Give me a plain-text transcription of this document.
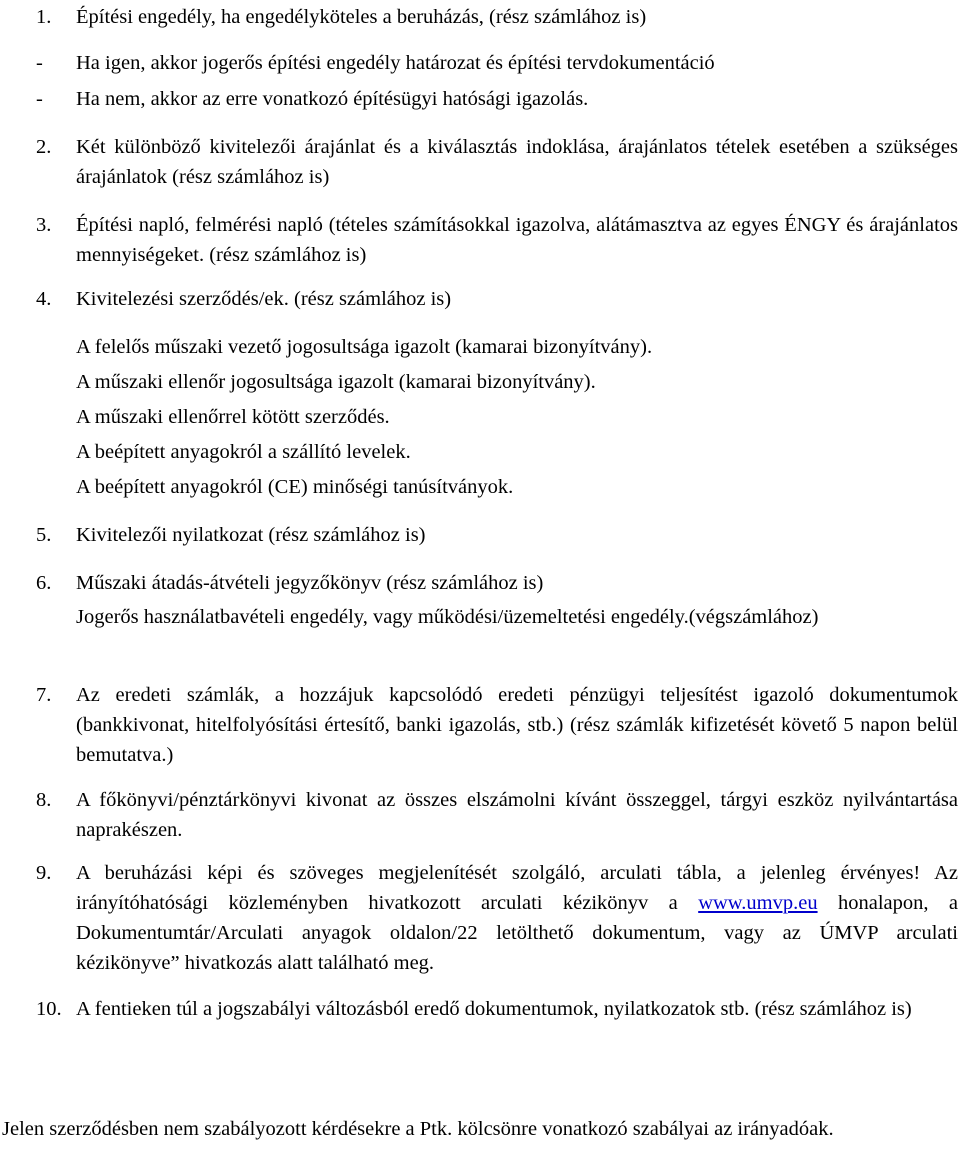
1. Építési engedély, ha engedélyköteles a beruházás, (rész számlához is)
- Ha igen, akkor jogerős építési engedély határozat és építési tervdokumentáció
- Ha nem, akkor az erre vonatkozó építésügyi hatósági igazolás.
2. Két különböző kivitelezői árajánlat és a kiválasztás indoklása, árajánlatos tételek esetében a szükséges árajánlatok (rész számlához is)
3. Építési napló, felmérési napló (tételes számításokkal igazolva, alátámasztva az egyes ÉNGY és árajánlatos mennyiségeket. (rész számlához is)
4. Kivitelezési szerződés/ek. (rész számlához is)
A felelős műszaki vezető jogosultsága igazolt (kamarai bizonyítvány).
A műszaki ellenőr jogosultsága igazolt (kamarai bizonyítvány).
A műszaki ellenőrrel kötött szerződés.
A beépített anyagokról a szállító levelek.
A beépített anyagokról (CE) minőségi tanúsítványok.
5. Kivitelezői nyilatkozat (rész számlához is)
6. Műszaki átadás-átvételi jegyzőkönyv (rész számlához is)
Jogerős használatbavételi engedély, vagy működési/üzemeltetési engedély.(végszámlához)
7. Az eredeti számlák, a hozzájuk kapcsolódó eredeti pénzügyi teljesítést igazoló dokumentumok (bankkivonat, hitelfolyósítási értesítő, banki igazolás, stb.) (rész számlák kifizetését követő 5 napon belül bemutatva.)
8. A főkönyvi/pénztárkönyvi kivonat az összes elszámolni kívánt összeggel, tárgyi eszköz nyilvántartása naprakészen.
9. A beruházási képi és szöveges megjelenítését szolgáló, arculati tábla, a jelenleg érvényes! Az irányítóhatósági közleményben hivatkozott arculati kézikönyv a www.umvp.eu honalapon, a Dokumentumtár/Arculati anyagok oldalon/22 letölthető dokumentum, vagy az ÚMVP arculati kézikönyve” hivatkozás alatt található meg.
10. A fentieken túl a jogszabályi változásból eredő dokumentumok, nyilatkozatok stb. (rész számlához is)
Jelen szerződésben nem szabályozott kérdésekre a Ptk. kölcsönre vonatkozó szabályai az irányadóak.
